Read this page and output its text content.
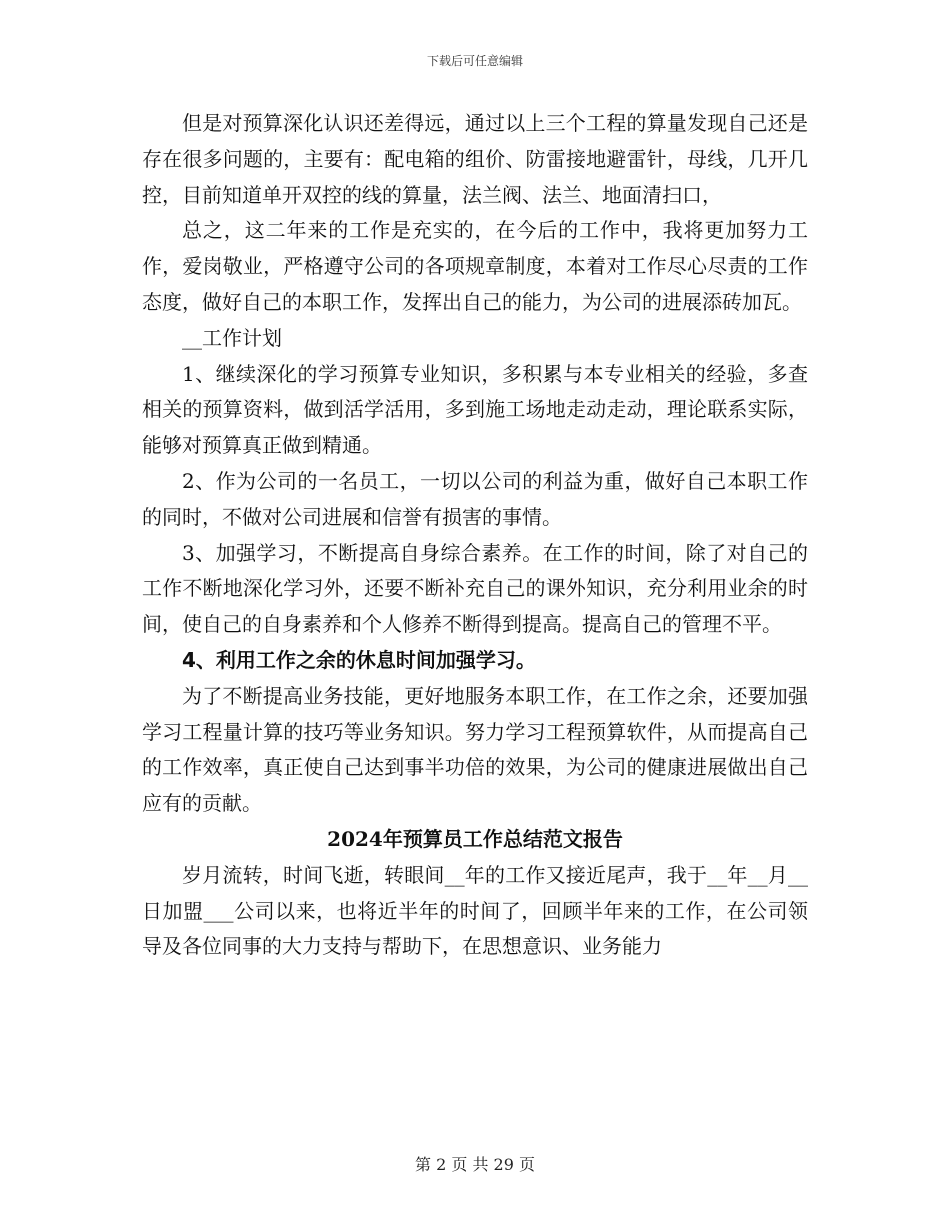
下载后可任意编辑

但是对预算深化认识还差得远，通过以上三个工程的算量发现自己还是存在很多问题的，主要有：配电箱的组价、防雷接地避雷针，母线，几开几控，目前知道单开双控的线的算量，法兰阀、法兰、地面清扫口，

总之，这二年来的工作是充实的，在今后的工作中，我将更加努力工作，爱岗敬业，严格遵守公司的各项规章制度，本着对工作尽心尽责的工作态度，做好自己的本职工作，发挥出自己的能力，为公司的进展添砖加瓦。

__工作计划

1、继续深化的学习预算专业知识，多积累与本专业相关的经验，多查相关的预算资料，做到活学活用，多到施工场地走动走动，理论联系实际，能够对预算真正做到精通。

2、作为公司的一名员工，一切以公司的利益为重，做好自己本职工作的同时，不做对公司进展和信誉有损害的事情。

3、加强学习，不断提高自身综合素养。在工作的时间，除了对自己的工作不断地深化学习外，还要不断补充自己的课外知识，充分利用业余的时间，使自己的自身素养和个人修养不断得到提高。提高自己的管理不平。

4、利用工作之余的休息时间加强学习。

为了不断提高业务技能，更好地服务本职工作，在工作之余，还要加强学习工程量计算的技巧等业务知识。努力学习工程预算软件，从而提高自己的工作效率，真正使自己达到事半功倍的效果，为公司的健康进展做出自己应有的贡献。

2024年预算员工作总结范文报告

岁月流转，时间飞逝，转眼间__年的工作又接近尾声，我于__年__月__日加盟___公司以来，也将近半年的时间了，回顾半年来的工作，在公司领导及各位同事的大力支持与帮助下，在思想意识、业务能力

第 2 页 共 29 页
